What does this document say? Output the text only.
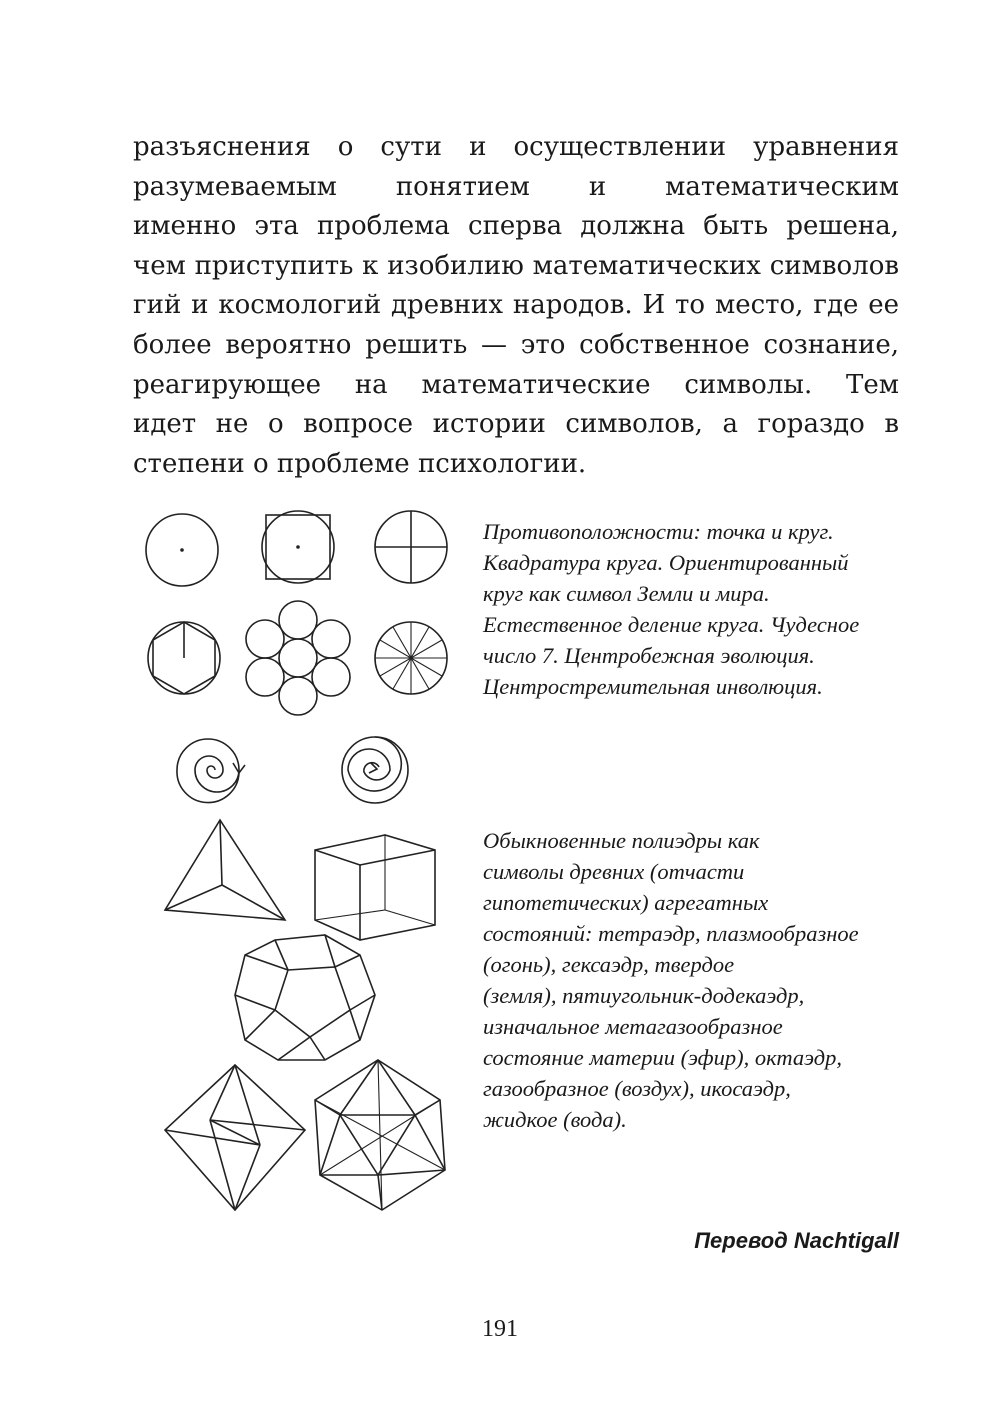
разъяснения о сути и осуществлении уравнения
разумеваемым понятием и математическим
именно эта проблема сперва должна быть решена,
чем приступить к изобилию математических символов
гий и космологий древних народов. И то место, где ее
более вероятно решить — это собственное сознание,
реагирующее на математические символы. Тем
идет не о вопросе истории символов, а гораздо в
степени о проблеме психологии.
Противоположности: точка и круг.
Квадратура круга. Ориентированный
круг как символ Земли и мира.
Естественное деление круга. Чудесное
число 7. Центробежная эволюция.
Центростремительная инволюция.
Обыкновенные полиэдры как
символы древних (отчасти
гипотетических) агрегатных
состояний: тетраэдр, плазмообразное
(огонь), гексаэдр, твердое
(земля), пятиугольник-додекаэдр,
изначальное метагазообразное
состояние материи (эфир), октаэдр,
газообразное (воздух), икосаэдр,
жидкое (вода).
Перевод Nachtigall
191
